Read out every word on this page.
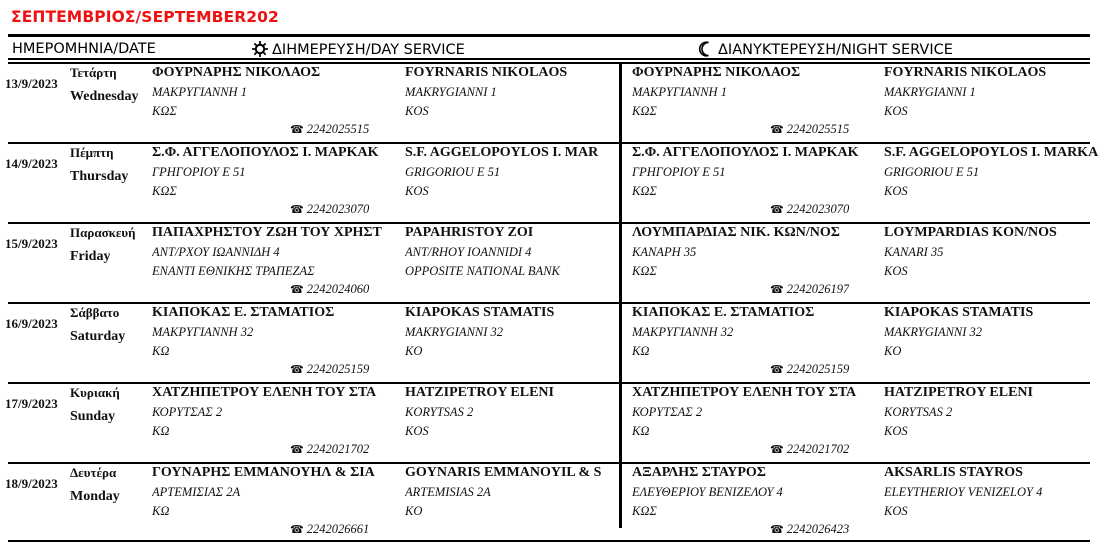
ΣΕΠΤΕΜΒΡΙΟΣ/SEPTEMBER202
ΗΜΕΡΟΜΗΝΙΑ/DATE	ΔΙΗΜΕΡΕΥΣΗ/DAY SERVICE	ΔΙΑΝΥΚΤΕΡΕΥΣΗ/NIGHT SERVICE
13/9/2023
Τετάρτη
Wednesday
ΦΟΥΡΝΑΡΗΣ ΝΙΚΟΛΑΟΣ
ΜΑΚΡΥΓΙΑΝΝΗ 1
ΚΩΣ
FOYRNARIS NIKOLAOS
MAKRYGIANNI 1
KOS
☎ 2242025515
ΦΟΥΡΝΑΡΗΣ ΝΙΚΟΛΑΟΣ
ΜΑΚΡΥΓΙΑΝΝΗ 1
ΚΩΣ
FOYRNARIS NIKOLAOS
MAKRYGIANNI 1
KOS
☎ 2242025515
14/9/2023
Πέμπτη
Thursday
Σ.Φ. ΑΓΓΕΛΟΠΟΥΛΟΣ Ι. ΜΑΡΚΑΚ
ΓΡΗΓΟΡΙΟΥ Ε 51
ΚΩΣ
S.F. AGGELOPOYLOS I. MAR
GRIGORIOU E 51
KOS
☎ 2242023070
Σ.Φ. ΑΓΓΕΛΟΠΟΥΛΟΣ Ι. ΜΑΡΚΑΚ
ΓΡΗΓΟΡΙΟΥ Ε 51
ΚΩΣ
S.F. AGGELOPOYLOS I. MARKA
GRIGORIOU E 51
KOS
☎ 2242023070
15/9/2023
Παρασκευή
Friday
ΠΑΠΑΧΡΗΣΤΟΥ ΖΩΗ ΤΟΥ ΧΡΗΣΤ
ΑΝΤ/ΡΧΟΥ ΙΩΑΝΝΙΔΗ 4
ΕΝΑΝΤΙ ΕΘΝΙΚΗΣ ΤΡΑΠΕΖΑΣ
PAPAHRISTOY ZOI
ANT/RHOY IOANNIDI 4
OPPOSITE NATIONAL BANK
☎ 2242024060
ΛΟΥΜΠΑΡΔΙΑΣ ΝΙΚ. ΚΩΝ/ΝΟΣ
ΚΑΝΑΡΗ 35
ΚΩΣ
LOYMPARDIAS KON/NOS
KANARI 35
KOS
☎ 2242026197
16/9/2023
Σάββατο
Saturday
ΚΙΑΠΟΚΑΣ Ε. ΣΤΑΜΑΤΙΟΣ
ΜΑΚΡΥΓΙΑΝΝΗ 32
ΚΩ
KIAPOKAS STAMATIS
MAKRYGIANNI 32
KO
☎ 2242025159
ΚΙΑΠΟΚΑΣ Ε. ΣΤΑΜΑΤΙΟΣ
ΜΑΚΡΥΓΙΑΝΝΗ 32
ΚΩ
KIAPOKAS STAMATIS
MAKRYGIANNI 32
KO
☎ 2242025159
17/9/2023
Κυριακή
Sunday
ΧΑΤΖΗΠΕΤΡΟΥ ΕΛΕΝΗ ΤΟΥ ΣΤΑ
ΚΟΡΥΤΣΑΣ 2
ΚΩ
HATZIPETROY ELENI
KORYTSAS 2
KOS
☎ 2242021702
ΧΑΤΖΗΠΕΤΡΟΥ ΕΛΕΝΗ ΤΟΥ ΣΤΑ
ΚΟΡΥΤΣΑΣ 2
ΚΩ
HATZIPETROY ELENI
KORYTSAS 2
KOS
☎ 2242021702
18/9/2023
Δευτέρα
Monday
ΓΟΥΝΑΡΗΣ ΕΜΜΑΝΟΥΗΛ & ΣΙΑ
ΑΡΤΕΜΙΣΙΑΣ 2Α
ΚΩ
GOYNARIS EMMANOYIL & S
ARTEMISIAS 2A
KO
☎ 2242026661
ΑΞΑΡΛΗΣ ΣΤΑΥΡΟΣ
ΕΛΕΥΘΕΡΙΟΥ ΒΕΝΙΖΕΛΟΥ 4
ΚΩΣ
AKSARLIS STAYROS
ELEYTHERIOY VENIZELOY 4
KOS
☎ 2242026423
